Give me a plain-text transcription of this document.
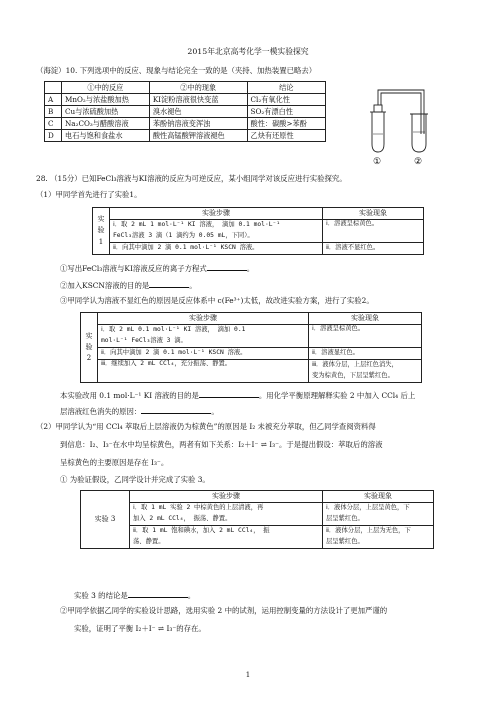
2015年北京高考化学一模实验探究
（海淀）10. 下列选项中的反应、现象与结论完全一致的是（夹持、加热装置已略去）
	①中的反应	②中的现象	结论
A	MnO₂与浓盐酸加热	KI淀粉溶液很快变蓝	Cl₂有氧化性
B	Cu与浓硫酸加热	溴水褪色	SO₂有漂白性
C	Na₂CO₃与醋酸溶液	苯酚钠溶液变浑浊	酸性：碳酸>苯酚
D	电石与饱和食盐水	酸性高锰酸钾溶液褪色	乙炔有还原性
①	②
28. （15分）已知FeCl₃溶液与KI溶液的反应为可逆反应，某小组同学对该反应进行实验探究。
（1）甲同学首先进行了实验1。
实验1	实验步骤	实验现象
	ⅰ．取 2 mL 1 mol·L⁻¹ KI 溶液， 滴加 0.1 mol·L⁻¹	ⅰ．溶液呈棕黄色。
	FeCl₃溶液 3 滴（1 滴约为 0.05 mL，下同）。	
	ⅱ．向其中滴加 2 滴 0.1 mol·L⁻¹ KSCN 溶液。	ⅱ．溶液不显红色。
①写出FeCl₃溶液与KI溶液反应的离子方程式	。
②加入KSCN溶液的目的是	。
③甲同学认为溶液不显红色的原因是反应体系中 c(Fe³⁺)太低，故改进实验方案，进行了实验2。
实验2	实验步骤	实验现象
	ⅰ．取 2 mL 0.1 mol·L⁻¹ KI 溶液， 滴加 0.1	ⅰ．溶液呈棕黄色。
	mol·L⁻¹ FeCl₃溶液 3 滴。	
	ⅱ．向其中滴加 2 滴 0.1 mol·L⁻¹ KSCN 溶液。	ⅱ．溶液显红色。
	ⅲ．继续加入 2 mL CCl₄，充分振荡、静置。	ⅲ．液体分层，上层红色消失，
		变为棕黄色，下层呈紫红色。
本实验改用 0.1 mol·L⁻¹ KI 溶液的目的是	。用化学平衡原理解释实验 2 中加入 CCl₄ 后上
层溶液红色消失的原因：	。
（2）甲同学认为“用 CCl₄ 萃取后上层溶液仍为棕黄色”的原因是 I₂ 未被充分萃取，但乙同学查阅资料得
到信息：I₂、I₃⁻在水中均呈棕黄色，两者有如下关系：I₂＋I⁻ ⇌ I₃⁻。于是提出假设：萃取后的溶液
呈棕黄色的主要原因是存在 I₃⁻。
① 为验证假设，乙同学设计并完成了实验 3。
实验 3	实验步骤	实验现象
	ⅰ．取 1 mL 实验 2 中棕黄色的上层清液，再	ⅰ．液体分层，上层呈黄色，下
	加入 2 mL CCl₄， 振荡、静置。	层呈紫红色。
	ⅱ．取 1 mL 饱和碘水，加入 2 mL CCl₄， 振	ⅱ．液体分层，上层为无色，下
	荡、静置。	层呈紫红色。
实验 3 的结论是	。
②甲同学依据乙同学的实验设计思路，选用实验 2 中的试剂，运用控制变量的方法设计了更加严谨的
实验，证明了平衡 I₂＋I⁻ ⇌ I₃⁻的存在。
1
